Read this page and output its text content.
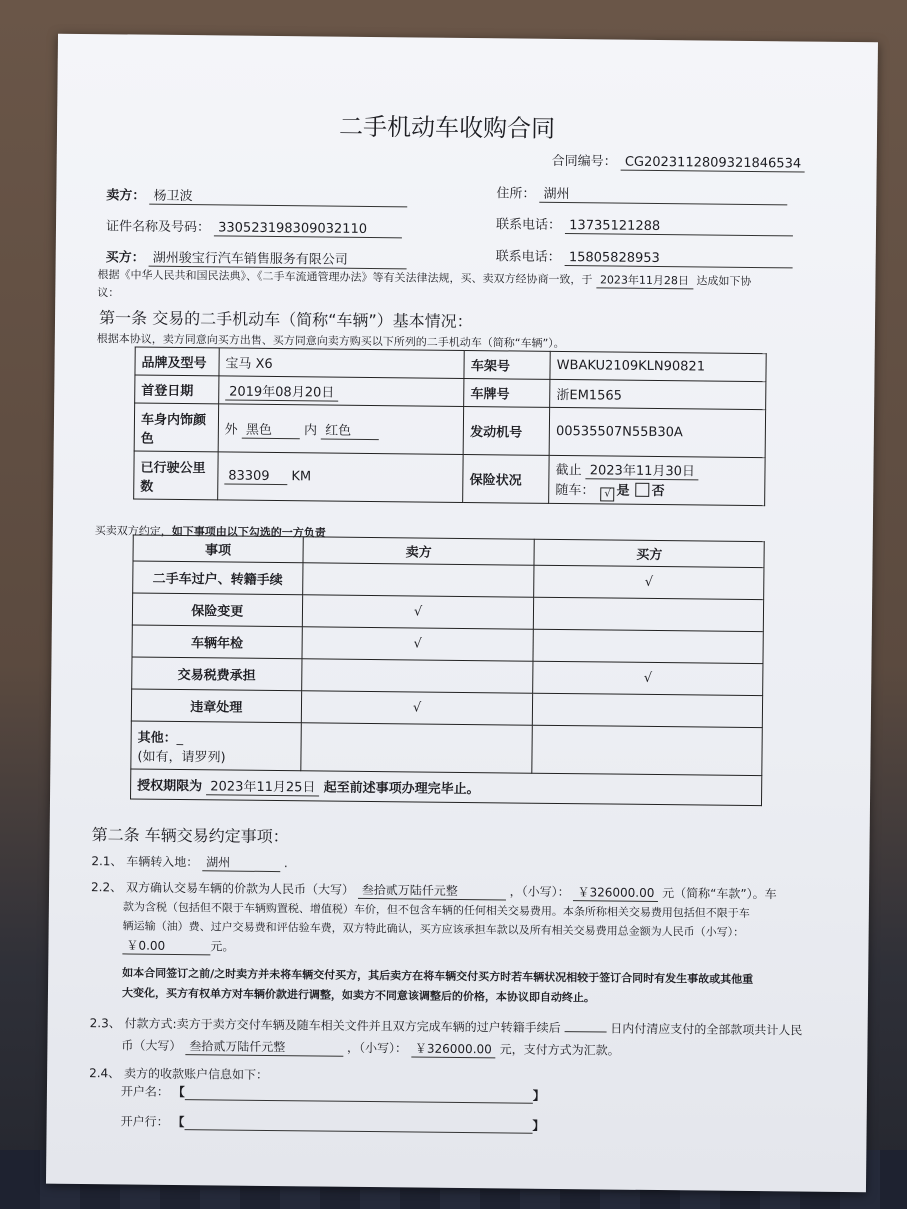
二手机动车收购合同
合同编号： CG2023112809321846534
卖方： 杨卫波	住所： 湖州
证件名称及号码： 330523198309032110	联系电话： 13735121288
买方： 湖州骏宝行汽车销售服务有限公司	联系电话： 15805828953
根据《中华人民共和国民法典》、《二手车流通管理办法》等有关法律法规，买、卖双方经协商一致，于 2023年11月28日 达成如下协
议：
第一条 交易的二手机动车（简称“车辆”）基本情况：
根据本协议，卖方同意向买方出售、买方同意向卖方购买以下所列的二手机动车（简称“车辆”）。
品牌及型号	宝马 X6	车架号	WBAKU2109KLN90821
首登日期	2019年08月20日	车牌号	浙EM1565
车身内饰颜色	外 黑色 内 红色	发动机号	00535507N55B30A
已行驶公里数	83309 KM	保险状况	截止 2023年11月30日
随车： √ 是 否
买卖双方约定，如下事项由以下勾选的一方负责
事项	卖方	买方
二手车过户、转籍手续		√
保险变更	√	
车辆年检	√	
交易税费承担		√
违章处理	√	
其他：_
(如有，请罗列)		
授权期限为 2023年11月25日 起至前述事项办理完毕止。		
第二条 车辆交易约定事项：
2.1、 车辆转入地： 湖州	.
2.2、 双方确认交易车辆的价款为人民币（大写） 叁拾贰万陆仟元整	，（小写）： ￥326000.00 元（简称“车款”）。车
款为含税（包括但不限于车辆购置税、增值税）车价，但不包含车辆的任何相关交易费用。本条所称相关交易费用包括但不限于车
辆运输（油）费、过户交易费和评估验车费，双方特此确认，买方应该承担车款以及所有相关交易费用总金额为人民币（小写）：
￥0.00	元。
如本合同签订之前/之时卖方并未将车辆交付买方，其后卖方在将车辆交付买方时若车辆状况相较于签订合同时有发生事故或其他重
大变化，买方有权单方对车辆价款进行调整，如卖方不同意该调整后的价格，本协议即自动终止。
2.3、 付款方式:卖方于卖方交付车辆及随车相关文件并且双方完成车辆的过户转籍手续后	日内付清应支付的全部款项共计人民
币（大写） 叁拾贰万陆仟元整	，（小写）： ￥326000.00 元，支付方式为汇款。
2.4、 卖方的收款账户信息如下：
开户名： 【	】
开户行： 【	】
